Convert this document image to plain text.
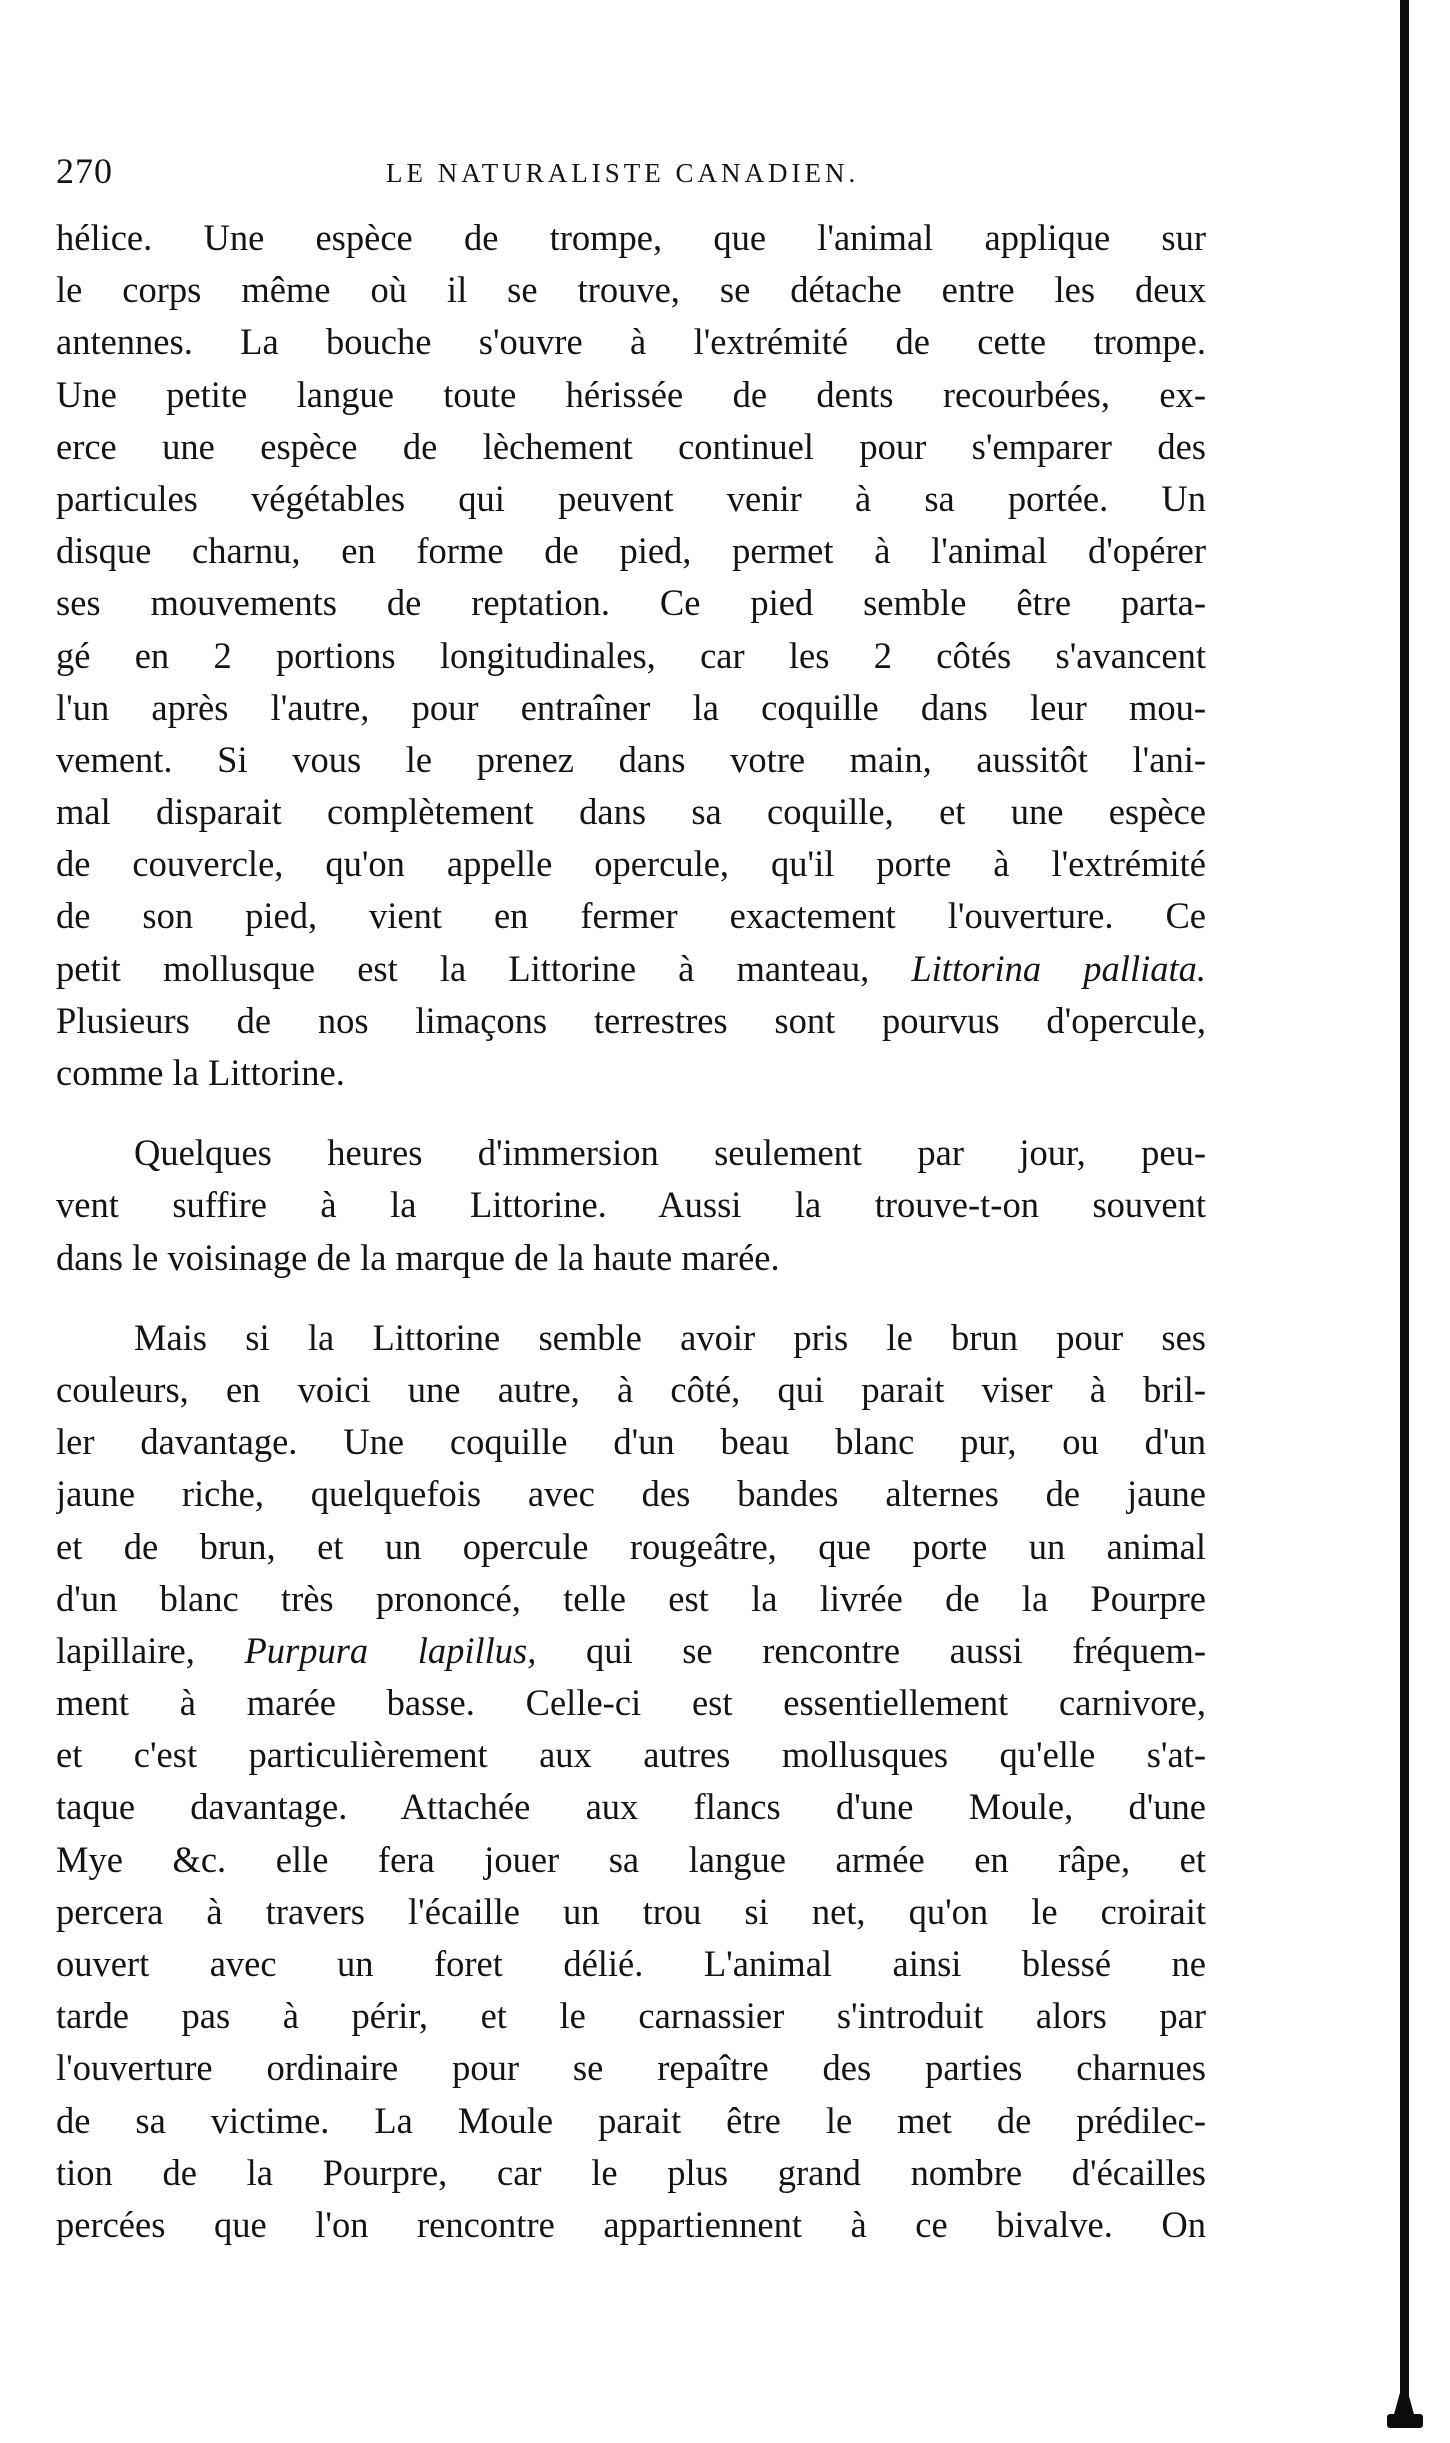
270	LE NATURALISTE CANADIEN.
hélice. Une espèce de trompe, que l'animal applique sur
le corps même où il se trouve, se détache entre les deux
antennes. La bouche s'ouvre à l'extrémité de cette trompe.
Une petite langue toute hérissée de dents recourbées, ex-
erce une espèce de lèchement continuel pour s'emparer des
particules végétables qui peuvent venir à sa portée. Un
disque charnu, en forme de pied, permet à l'animal d'opérer
ses mouvements de reptation. Ce pied semble être parta-
gé en 2 portions longitudinales, car les 2 côtés s'avancent
l'un après l'autre, pour entraîner la coquille dans leur mou-
vement. Si vous le prenez dans votre main, aussitôt l'ani-
mal disparait complètement dans sa coquille, et une espèce
de couvercle, qu'on appelle opercule, qu'il porte à l'extrémité
de son pied, vient en fermer exactement l'ouverture. Ce
petit mollusque est la Littorine à manteau, Littorina palliata.
Plusieurs de nos limaçons terrestres sont pourvus d'opercule,
comme la Littorine.
Quelques heures d'immersion seulement par jour, peu-
vent suffire à la Littorine. Aussi la trouve-t-on souvent
dans le voisinage de la marque de la haute marée.
Mais si la Littorine semble avoir pris le brun pour ses
couleurs, en voici une autre, à côté, qui parait viser à bril-
ler davantage. Une coquille d'un beau blanc pur, ou d'un
jaune riche, quelquefois avec des bandes alternes de jaune
et de brun, et un opercule rougeâtre, que porte un animal
d'un blanc très prononcé, telle est la livrée de la Pourpre
lapillaire, Purpura lapillus, qui se rencontre aussi fréquem-
ment à marée basse. Celle-ci est essentiellement carnivore,
et c'est particulièrement aux autres mollusques qu'elle s'at-
taque davantage. Attachée aux flancs d'une Moule, d'une
Mye &c. elle fera jouer sa langue armée en râpe, et
percera à travers l'écaille un trou si net, qu'on le croirait
ouvert avec un foret délié. L'animal ainsi blessé ne
tarde pas à périr, et le carnassier s'introduit alors par
l'ouverture ordinaire pour se repaître des parties charnues
de sa victime. La Moule parait être le met de prédilec-
tion de la Pourpre, car le plus grand nombre d'écailles
percées que l'on rencontre appartiennent à ce bivalve. On
